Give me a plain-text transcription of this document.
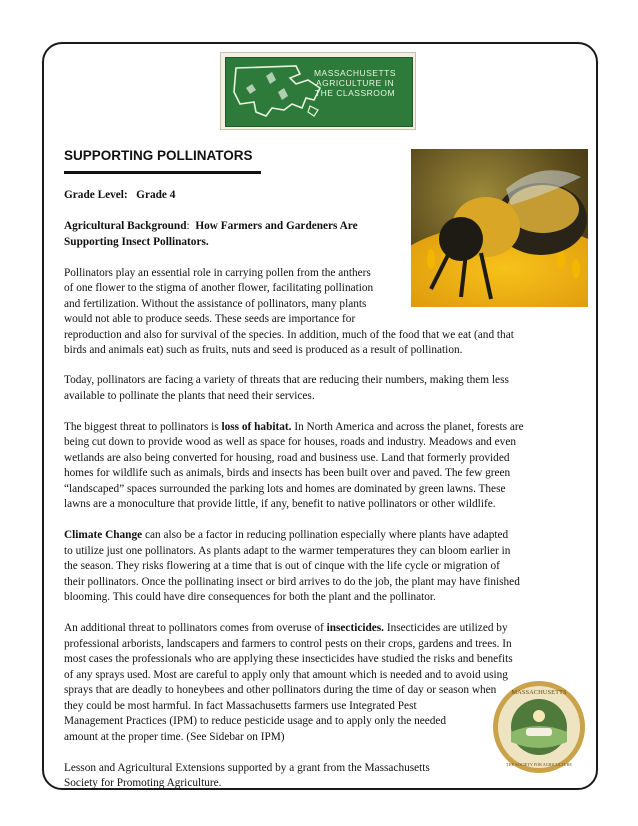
MASSACHUSETTS AGRICULTURE IN THE CLASSROOM
SUPPORTING POLLINATORS
Grade Level: Grade 4
Agricultural Background:  How Farmers and Gardeners Are
Supporting Insect Pollinators.
Pollinators play an essential role in carrying pollen from the anthers
of one flower to the stigma of another flower, facilitating pollination
and fertilization. Without the assistance of pollinators, many plants
would not able to produce seeds. These seeds are importance for
reproduction and also for survival of the species. In addition, much of the food that we eat (and that
birds and animals eat) such as fruits, nuts and seed is produced as a result of pollination.
Today, pollinators are facing a variety of threats that are reducing their numbers, making them less
available to pollinate the plants that need their services.
The biggest threat to pollinators is loss of habitat. In North America and across the planet, forests are
being cut down to provide wood as well as space for houses, roads and industry. Meadows and even
wetlands are also being converted for housing, road and business use. Land that formerly provided
homes for wildlife such as animals, birds and insects has been built over and paved. The few green
“landscaped” spaces surrounded the parking lots and homes are dominated by green lawns. These
lawns are a monoculture that provide little, if any, benefit to native pollinators or other wildlife.
Climate Change can also be a factor in reducing pollination especially where plants have adapted
to utilize just one pollinators. As plants adapt to the warmer temperatures they can bloom earlier in
the season. They risks flowering at a time that is out of cinque with the life cycle or migration of
their pollinators. Once the pollinating insect or bird arrives to do the job, the plant may have finished
blooming. This could have dire consequences for both the plant and the pollinator.
An additional threat to pollinators comes from overuse of insecticides. Insecticides are utilized by
professional arborists, landscapers and farmers to control pests on their crops, gardens and trees. In
most cases the professionals who are applying these insecticides have studied the risks and benefits
of any sprays used. Most are careful to apply only that amount which is needed and to avoid using
sprays that are deadly to honeybees and other pollinators during the time of day or season when
they could be most harmful. In fact Massachusetts farmers use Integrated Pest
Management Practices (IPM) to reduce pesticide usage and to apply only the needed
amount at the proper time. (See Sidebar on IPM)
Lesson and Agricultural Extensions supported by a grant from the Massachusetts
Society for Promoting Agriculture.
MASSACHUSETTS
THE SOCIETY FOR AGRICULTURE
